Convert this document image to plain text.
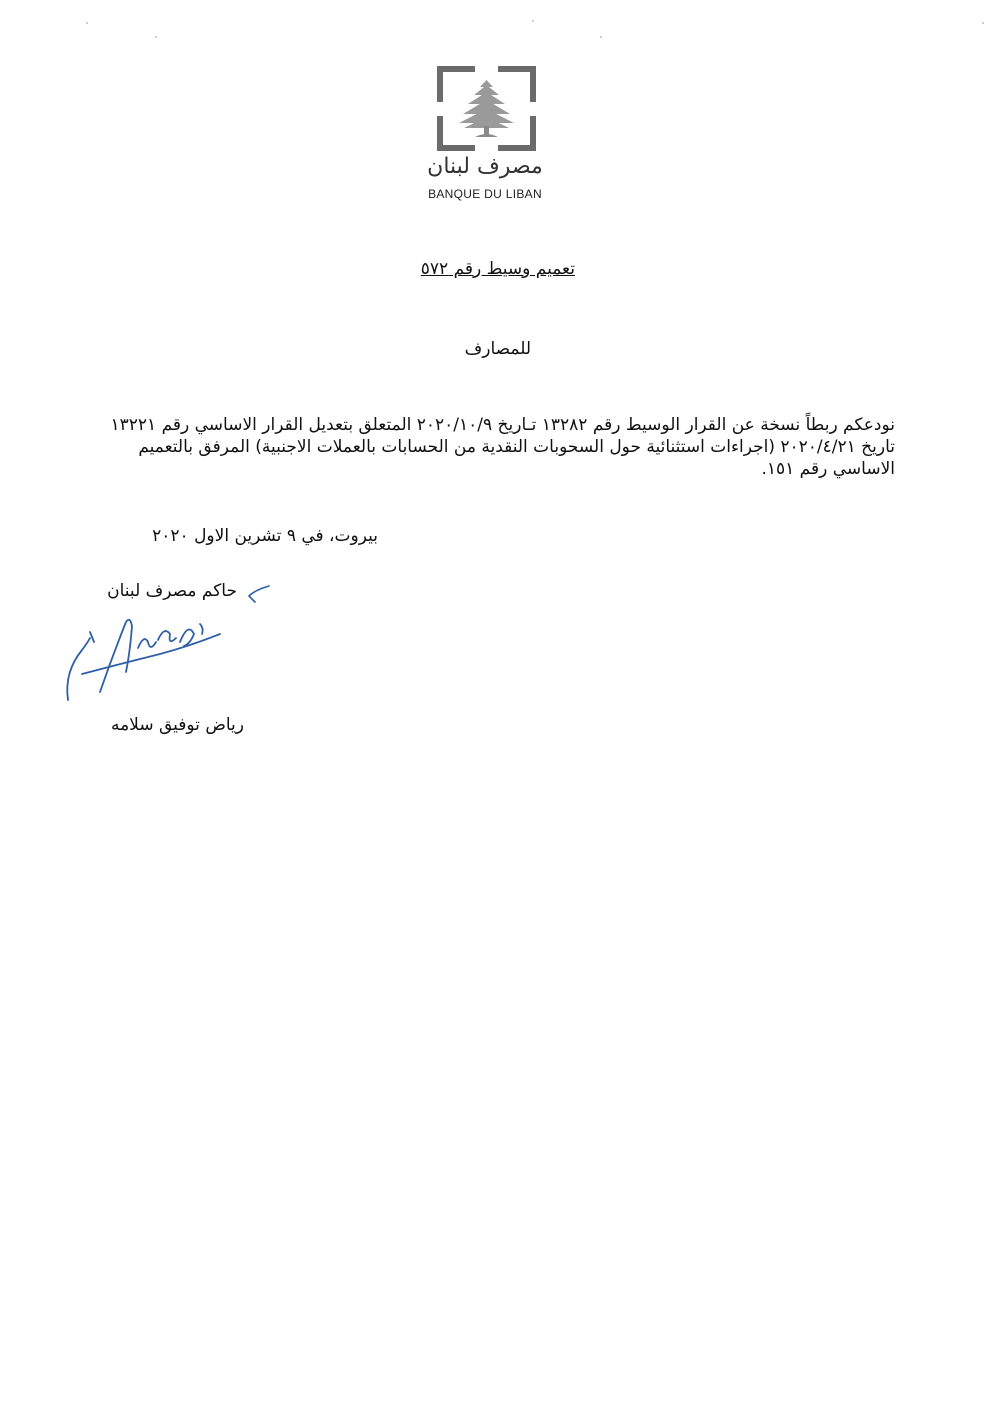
مصرف لبنان
BANQUE DU LIBAN
تعميم وسيط رقم ٥٧٢
للمصارف
نودعكم ربطاً نسخة عن القرار الوسيط رقم ١٣٢٨٢ تـاريخ ٢٠٢٠/١٠/٩ المتعلق بتعديل القرار الاساسي رقم ١٣٢٢١ تاريخ ٢٠٢٠/٤/٢١ (اجراءات استثنائية حول السحوبات النقدية من الحسابات بالعملات الاجنبية) المرفق بالتعميم الاساسي رقم ١٥١.
بيروت، في ٩ تشرين الاول ٢٠٢٠
حاكم مصرف لبنان
رياض توفيق سلامه
